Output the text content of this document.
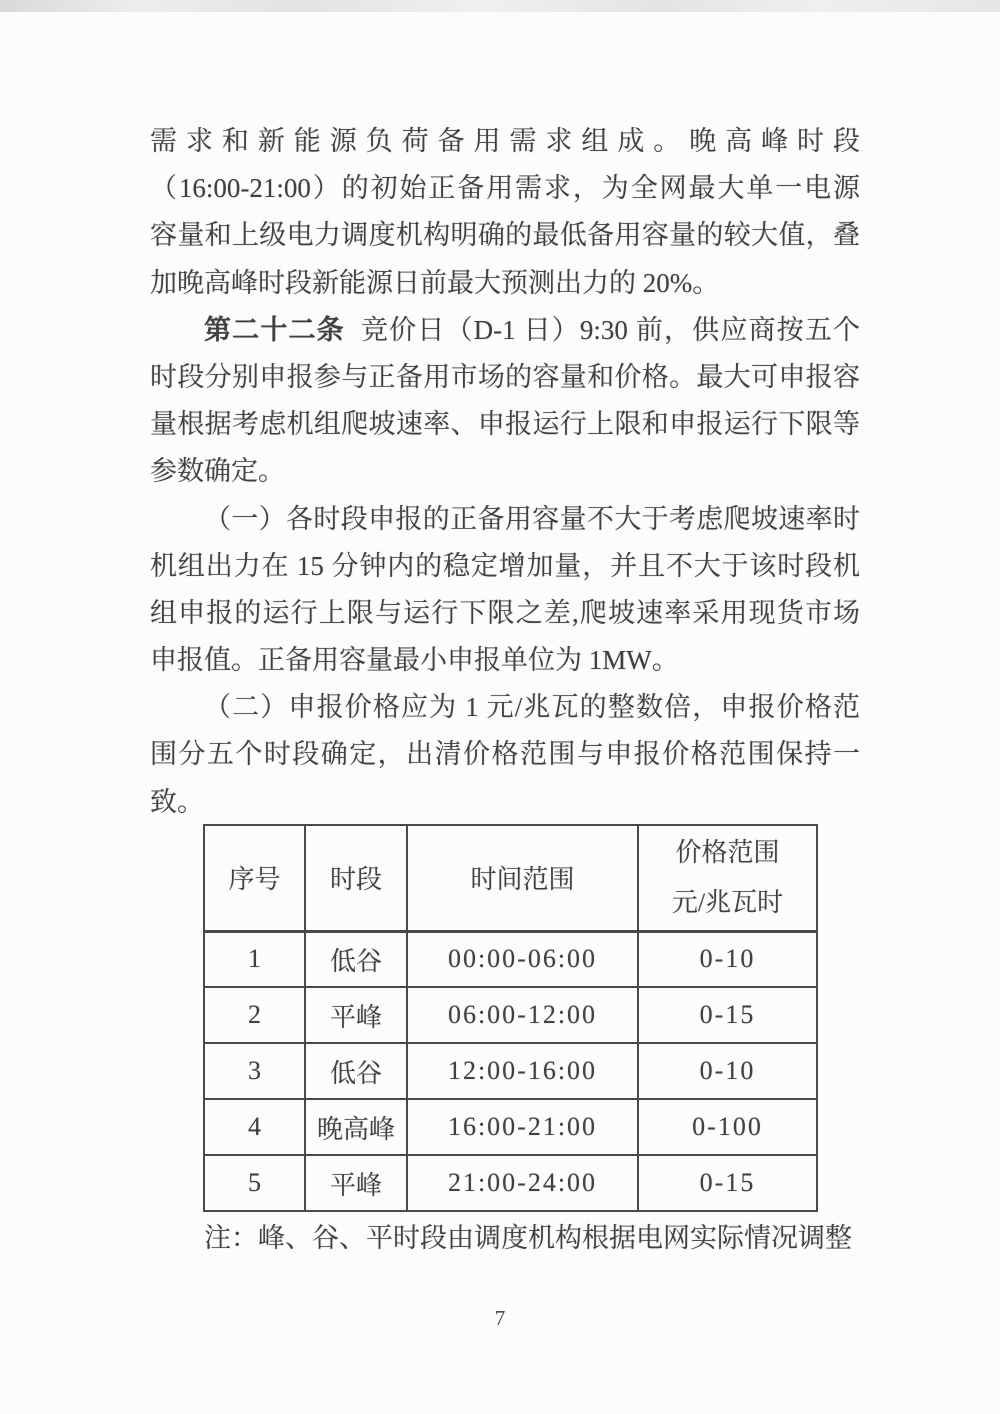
需求和新能源负荷备用需求组成。晚高峰时段
（16:00-21:00）的初始正备用需求，为全网最大单一电源
容量和上级电力调度机构明确的最低备用容量的较大值，叠
加晚高峰时段新能源日前最大预测出力的 20%。
第二十二条 竞价日（D-1 日）9:30 前，供应商按五个
时段分别申报参与正备用市场的容量和价格。最大可申报容
量根据考虑机组爬坡速率、申报运行上限和申报运行下限等
参数确定。
（一）各时段申报的正备用容量不大于考虑爬坡速率时
机组出力在 15 分钟内的稳定增加量，并且不大于该时段机
组申报的运行上限与运行下限之差,爬坡速率采用现货市场
申报值。正备用容量最小申报单位为 1MW。
（二）申报价格应为 1 元/兆瓦的整数倍，申报价格范
围分五个时段确定，出清价格范围与申报价格范围保持一
致。
序号	时段	时间范围	价格范围
元/兆瓦时

1	低谷	00:00-06:00	0-10
2	平峰	06:00-12:00	0-15
3	低谷	12:00-16:00	0-10
4	晚高峰	16:00-21:00	0-100
5	平峰	21:00-24:00	0-15
注：峰、谷、平时段由调度机构根据电网实际情况调整
7
